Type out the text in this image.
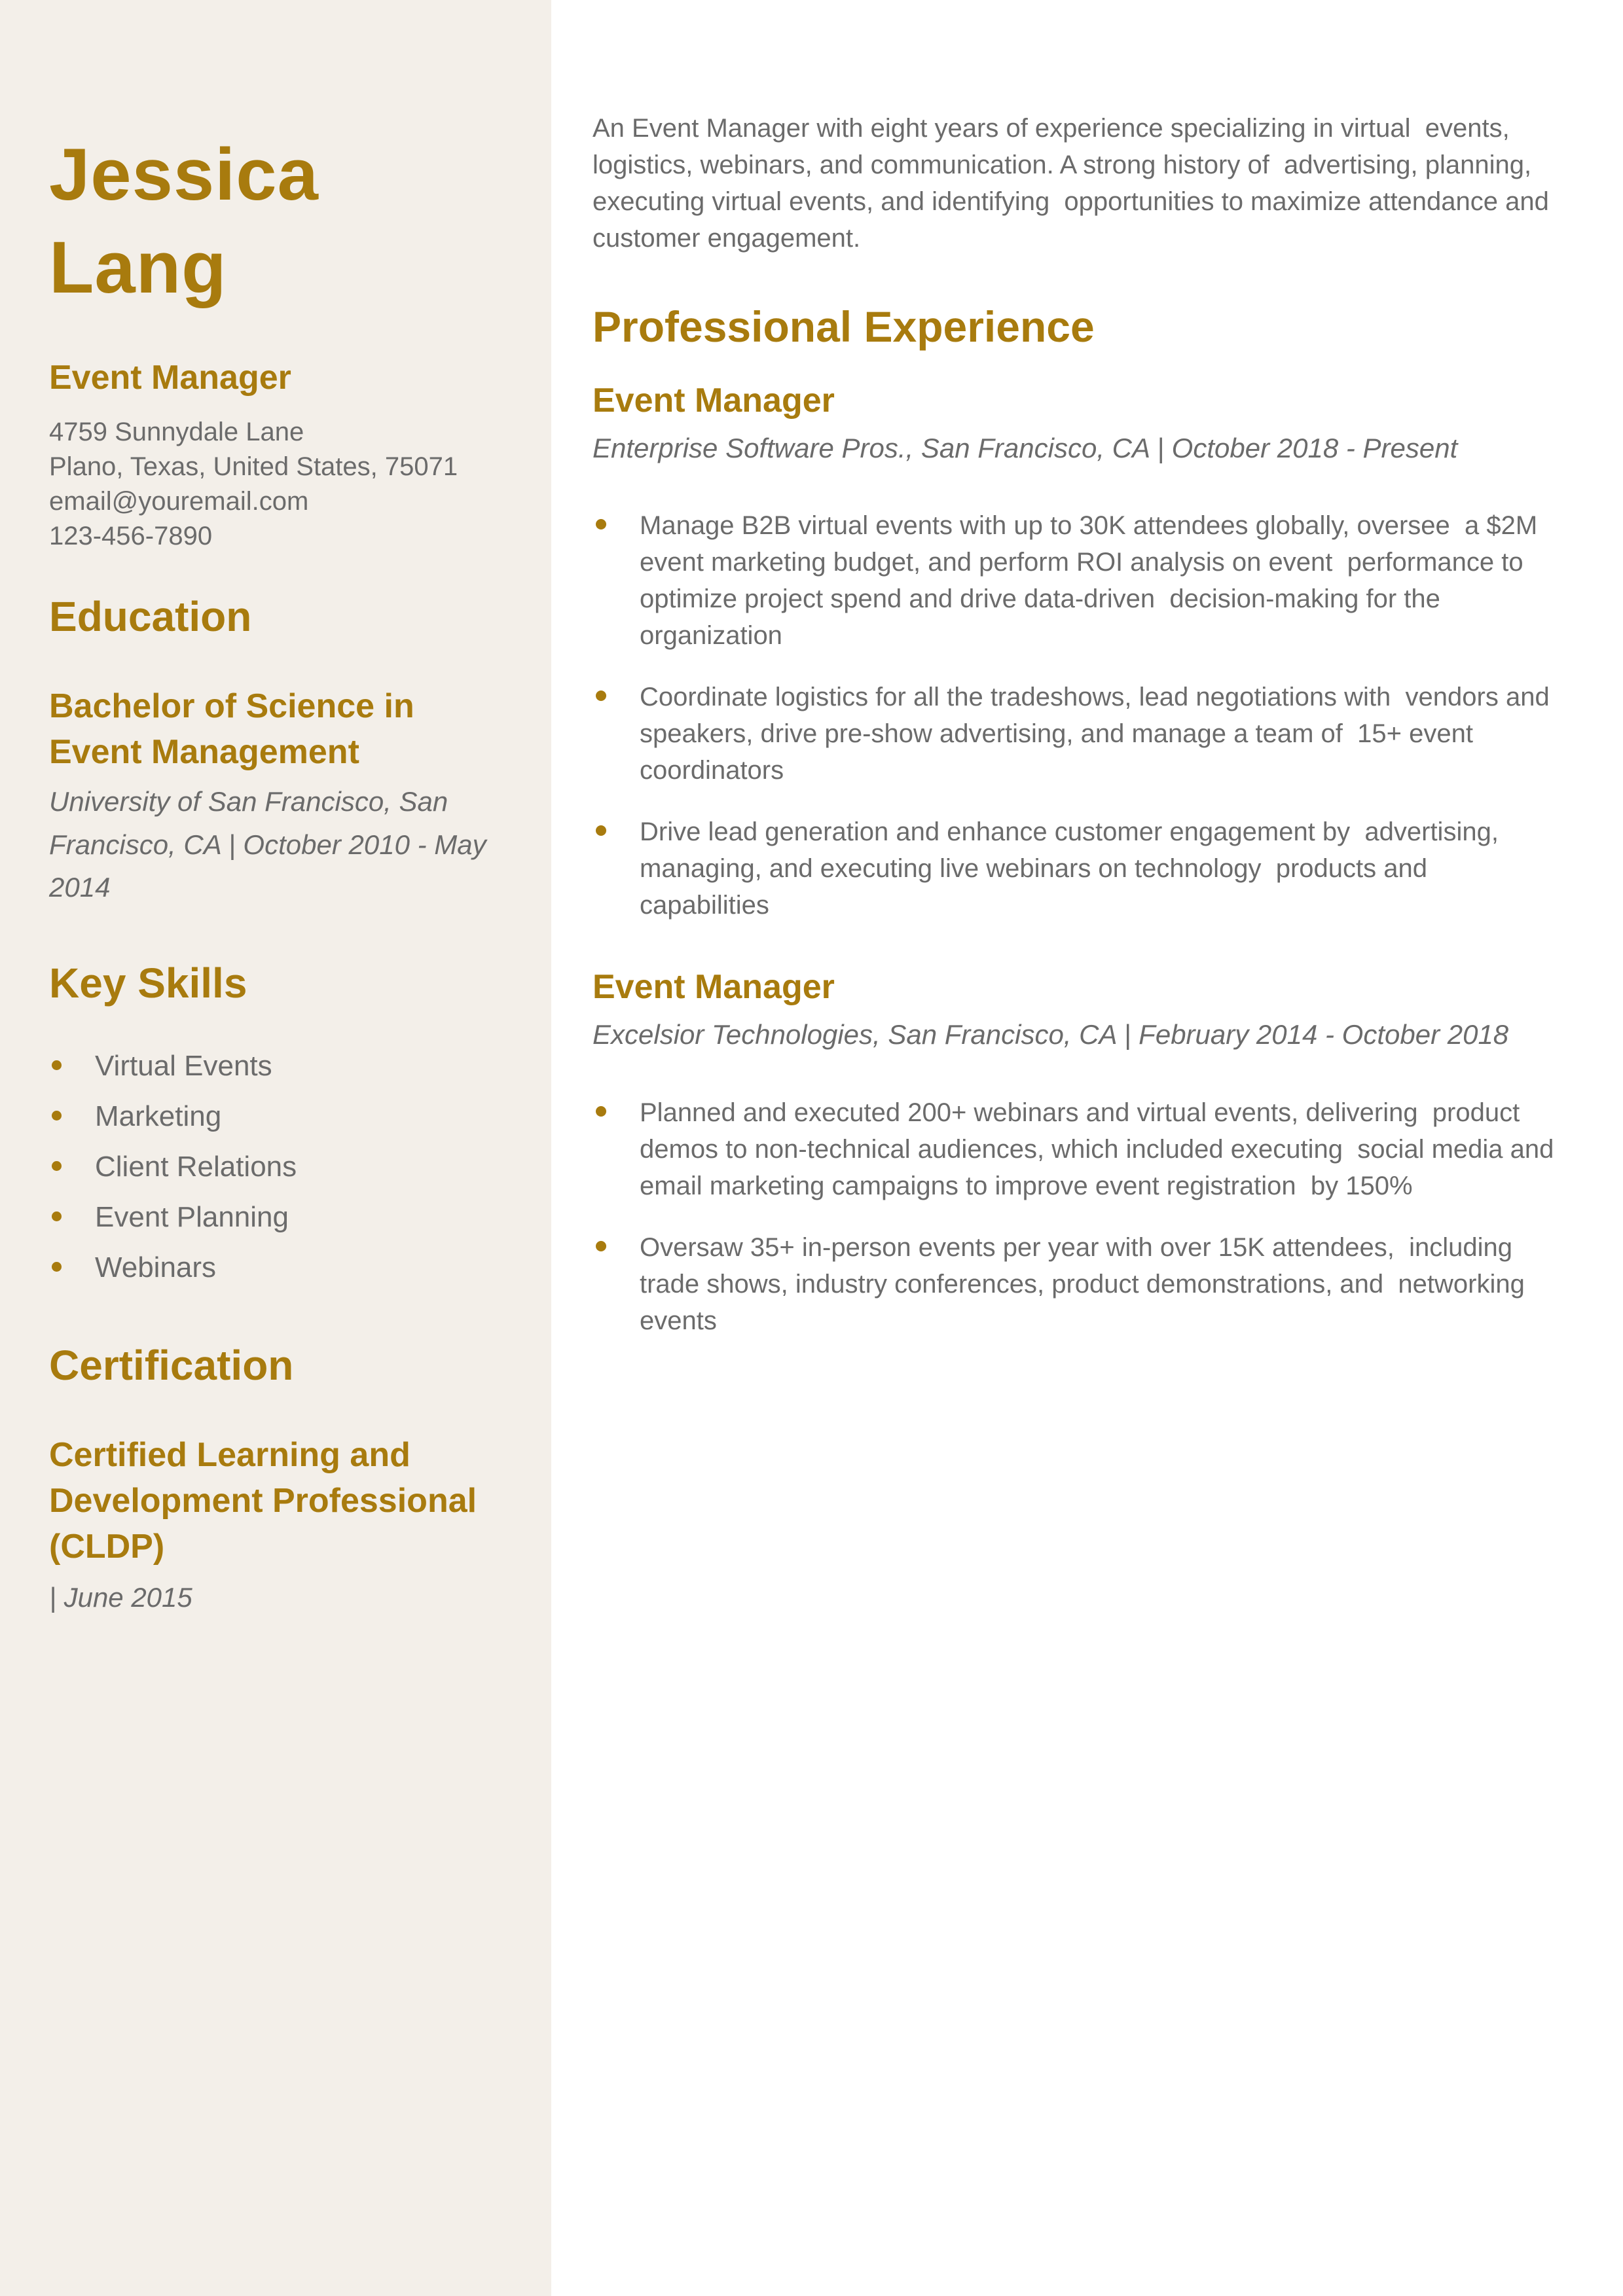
Jessica Lang
Event Manager
4759 Sunnydale Lane
Plano, Texas, United States, 75071
email@youremail.com
123-456-7890
Education
Bachelor of Science in Event Management
University of San Francisco, San Francisco, CA | October 2010 - May 2014
Key Skills
Virtual Events
Marketing
Client Relations
Event Planning
Webinars
Certification
Certified Learning and Development Professional (CLDP)
| June 2015

An Event Manager with eight years of experience specializing in virtual  events, logistics, webinars, and communication. A strong history of  advertising, planning, executing virtual events, and identifying  opportunities to maximize attendance and customer engagement.

Professional Experience
Event Manager
Enterprise Software Pros., San Francisco, CA | October 2018 - Present
Manage B2B virtual events with up to 30K attendees globally, oversee  a $2M event marketing budget, and perform ROI analysis on event  performance to optimize project spend and drive data-driven  decision-making for the organization
Coordinate logistics for all the tradeshows, lead negotiations with  vendors and speakers, drive pre-show advertising, and manage a team of  15+ event coordinators
Drive lead generation and enhance customer engagement by  advertising, managing, and executing live webinars on technology  products and capabilities
Event Manager
Excelsior Technologies, San Francisco, CA | February 2014 - October 2018
Planned and executed 200+ webinars and virtual events, delivering  product demos to non-technical audiences, which included executing  social media and email marketing campaigns to improve event registration  by 150%
Oversaw 35+ in-person events per year with over 15K attendees,  including trade shows, industry conferences, product demonstrations, and  networking events
